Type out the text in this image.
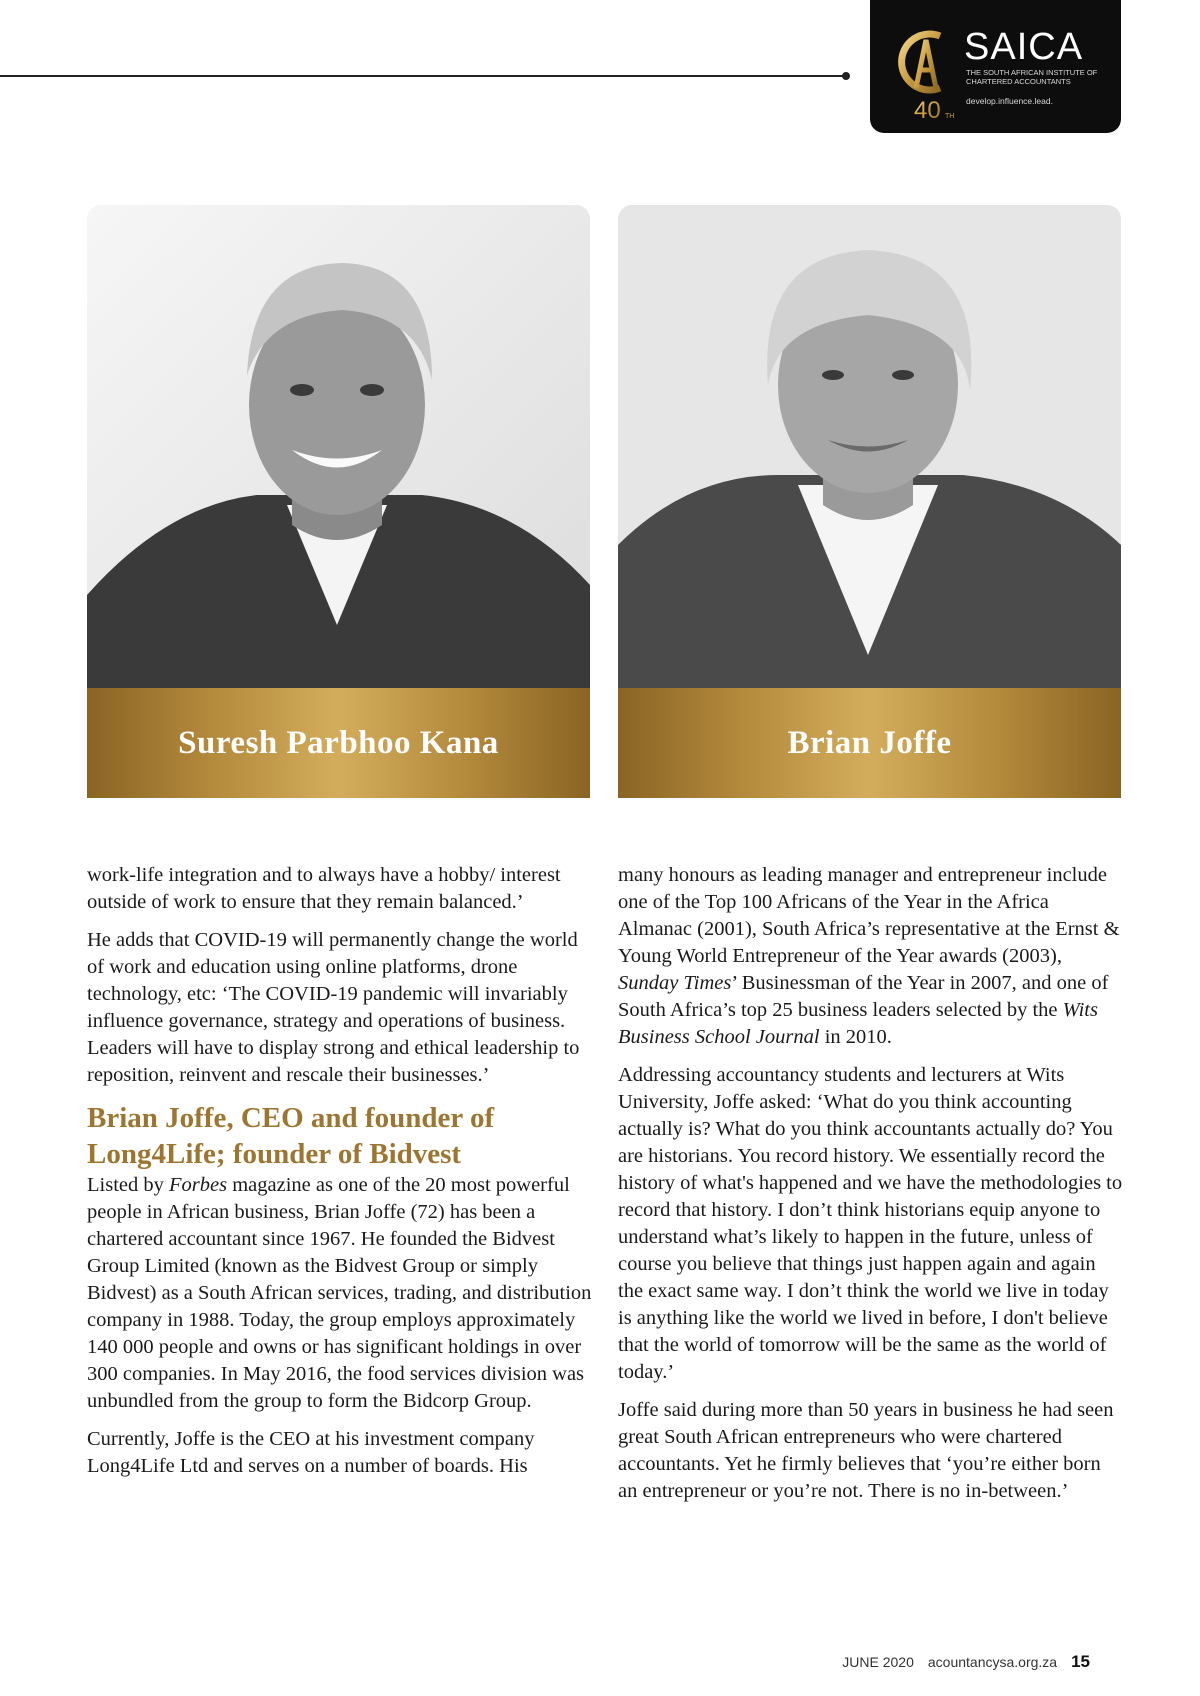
40 TH
SAICA
THE SOUTH AFRICAN INSTITUTE OF CHARTERED ACCOUNTANTS
develop.influence.lead.
Suresh Parbhoo Kana	Brian Joffe

work-life integration and to always have a hobby/ interest outside of work to ensure that they remain balanced.’

He adds that COVID-19 will permanently change the world of work and education using online platforms, drone technology, etc: ‘The COVID-19 pandemic will invariably influence governance, strategy and operations of business. Leaders will have to display strong and ethical leadership to reposition, reinvent and rescale their businesses.’

Brian Joffe, CEO and founder of Long4Life; founder of Bidvest

Listed by Forbes magazine as one of the 20 most powerful people in African business, Brian Joffe (72) has been a chartered accountant since 1967. He founded the Bidvest Group Limited (known as the Bidvest Group or simply Bidvest) as a South African services, trading, and distribution company in 1988. Today, the group employs approximately 140 000 people and owns or has significant holdings in over 300 companies. In May 2016, the food services division was unbundled from the group to form the Bidcorp Group.

Currently, Joffe is the CEO at his investment company Long4Life Ltd and serves on a number of boards. His

many honours as leading manager and entrepreneur include one of the Top 100 Africans of the Year in the Africa Almanac (2001), South Africa’s representative at the Ernst & Young World Entrepreneur of the Year awards (2003), Sunday Times’ Businessman of the Year in 2007, and one of South Africa’s top 25 business leaders selected by the Wits Business School Journal in 2010.

Addressing accountancy students and lecturers at Wits University, Joffe asked: ‘What do you think accounting actually is? What do you think accountants actually do? You are historians. You record history. We essentially record the history of what's happened and we have the methodologies to record that history. I don’t think historians equip anyone to understand what’s likely to happen in the future, unless of course you believe that things just happen again and again the exact same way. I don’t think the world we live in today is anything like the world we lived in before, I don't believe that the world of tomorrow will be the same as the world of today.’

Joffe said during more than 50 years in business he had seen great South African entrepreneurs who were chartered accountants. Yet he firmly believes that ‘you’re either born an entrepreneur or you’re not. There is no in-between.’

JUNE 2020 acountancysa.org.za 15
